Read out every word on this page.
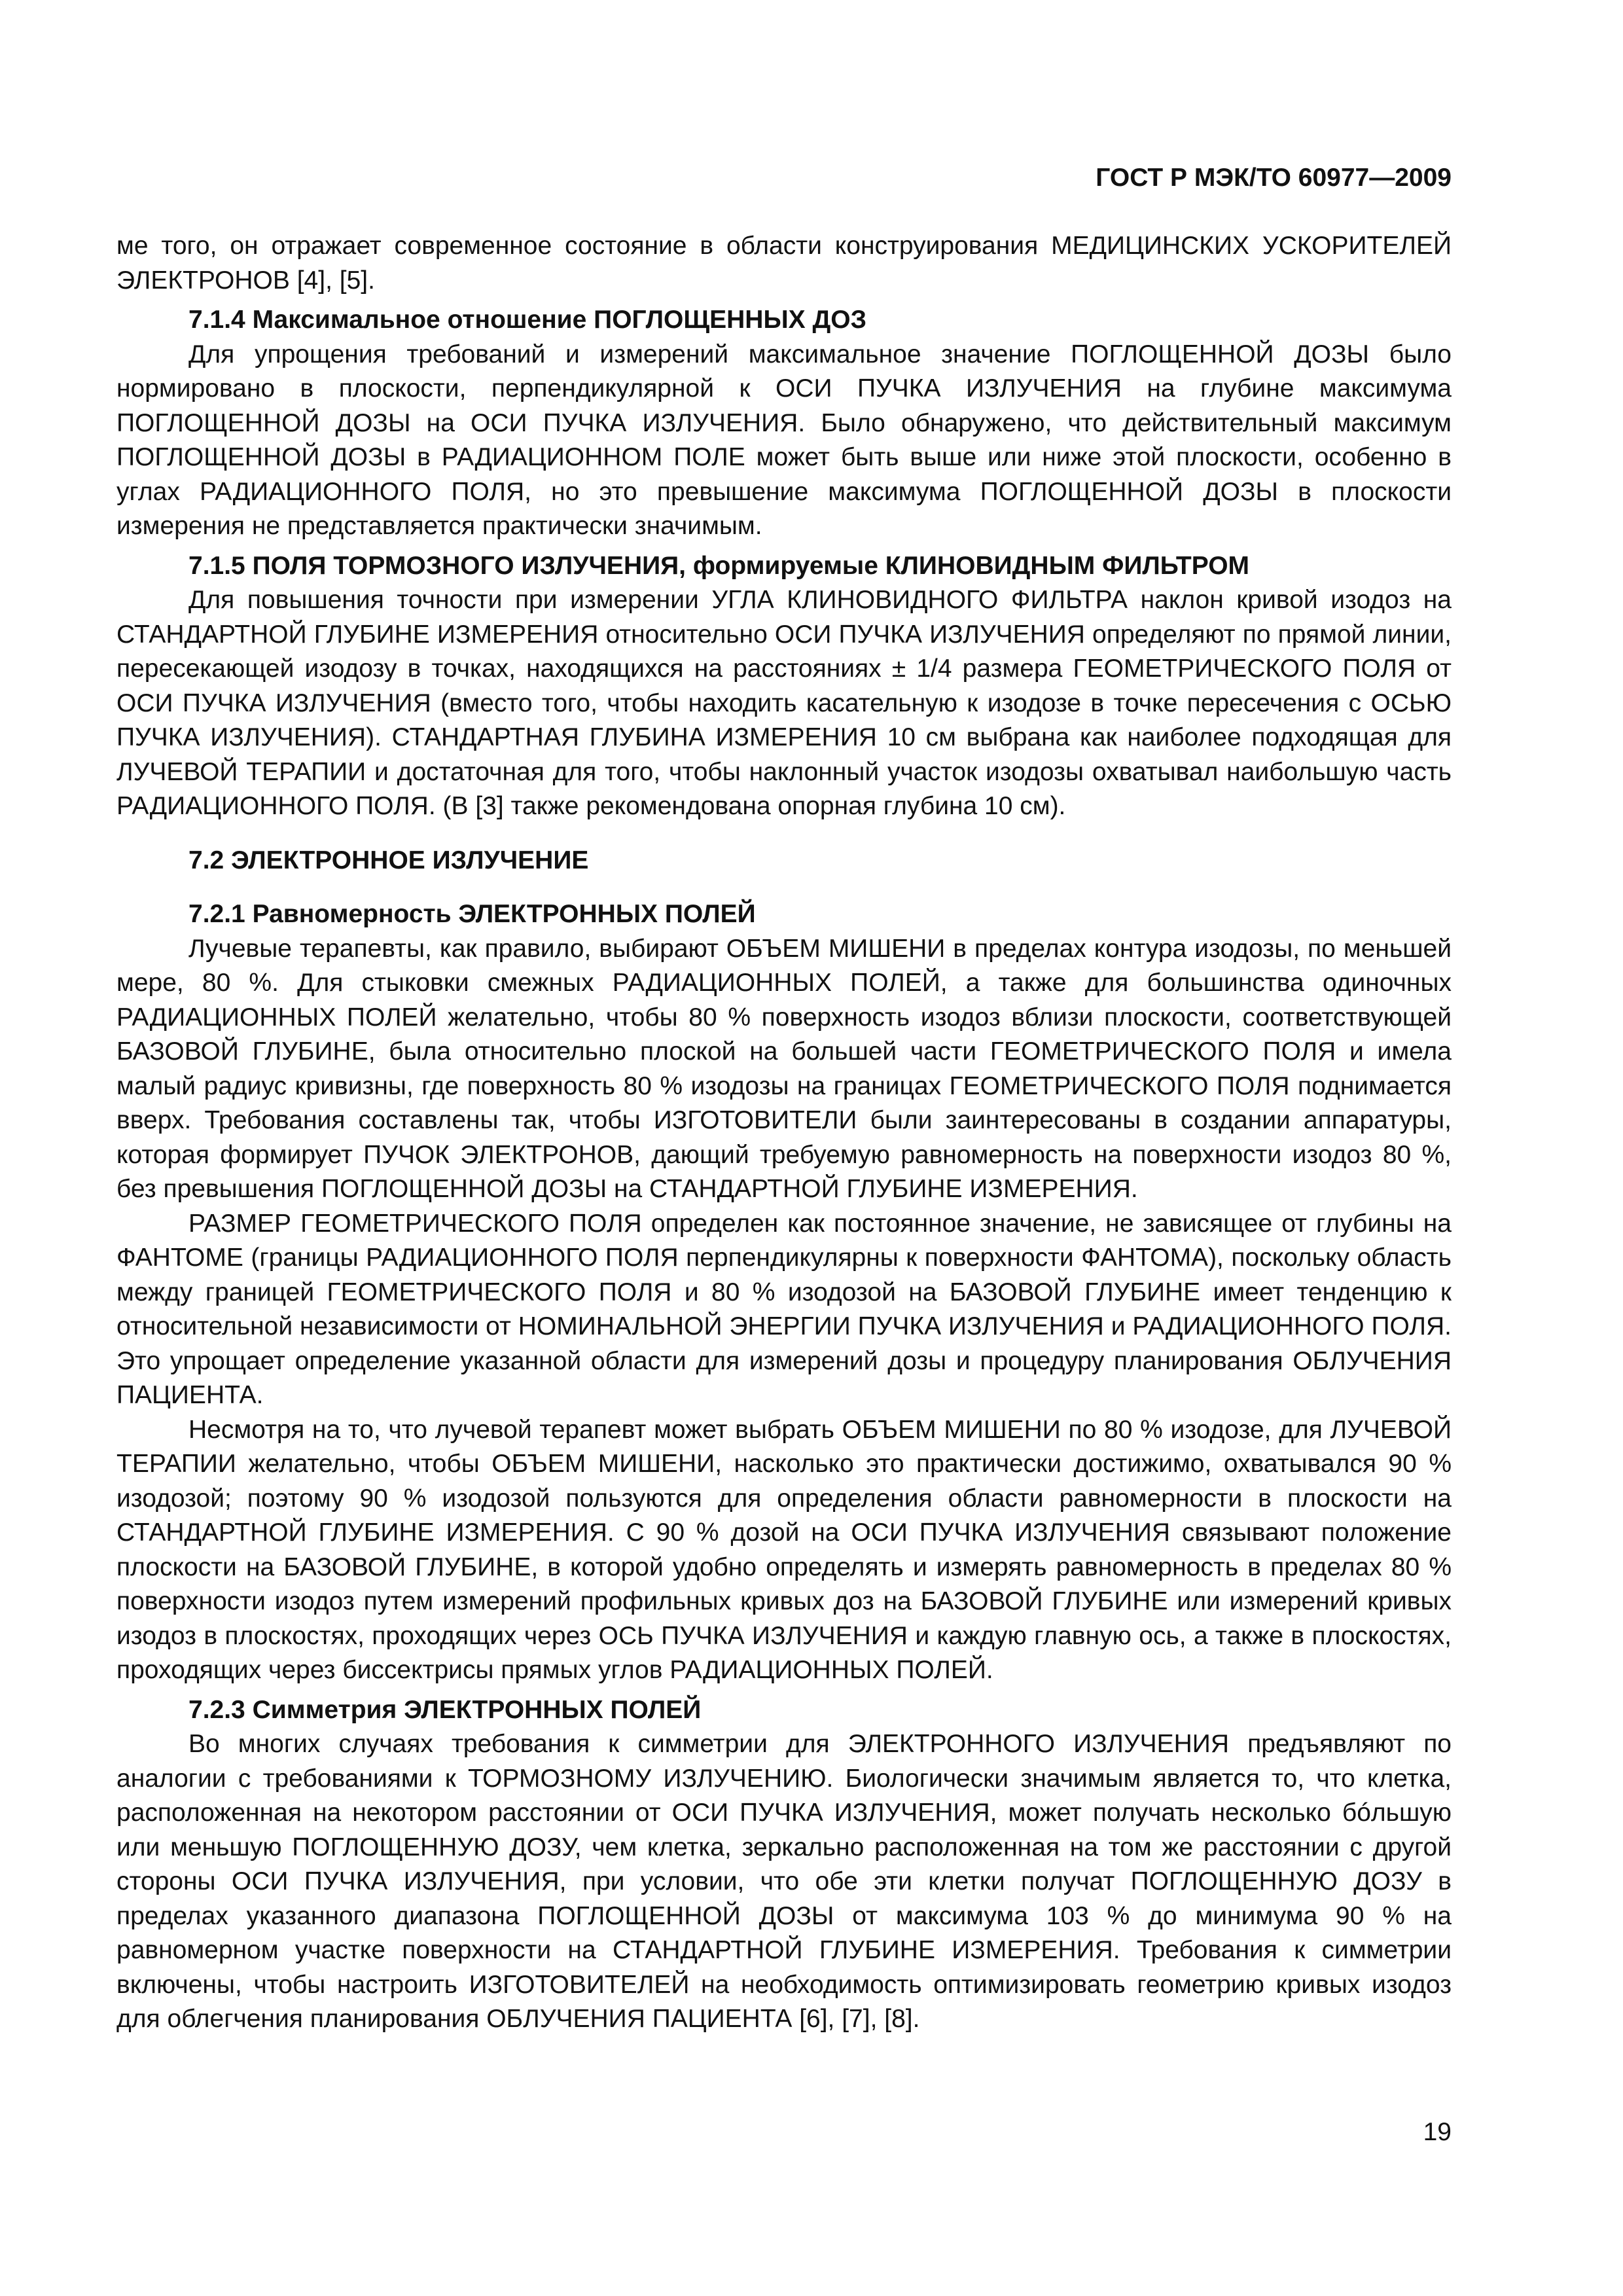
ГОСТ Р МЭК/ТО 60977—2009

ме того, он отражает современное состояние в области конструирования МЕДИЦИНСКИХ УСКОРИТЕЛЕЙ ЭЛЕКТРОНОВ [4], [5].

7.1.4 Максимальное отношение ПОГЛОЩЕННЫХ ДОЗ

Для упрощения требований и измерений максимальное значение ПОГЛОЩЕННОЙ ДОЗЫ было нормировано в плоскости, перпендикулярной к ОСИ ПУЧКА ИЗЛУЧЕНИЯ на глубине максимума ПОГЛОЩЕННОЙ ДОЗЫ на ОСИ ПУЧКА ИЗЛУЧЕНИЯ. Было обнаружено, что действительный максимум ПОГЛОЩЕННОЙ ДОЗЫ в РАДИАЦИОННОМ ПОЛЕ может быть выше или ниже этой плоскости, особенно в углах РАДИАЦИОННОГО ПОЛЯ, но это превышение максимума ПОГЛОЩЕННОЙ ДОЗЫ в плоскости измерения не представляется практически значимым.

7.1.5 ПОЛЯ ТОРМОЗНОГО ИЗЛУЧЕНИЯ, формируемые КЛИНОВИДНЫМ ФИЛЬТРОМ

Для повышения точности при измерении УГЛА КЛИНОВИДНОГО ФИЛЬТРА наклон кривой изодоз на СТАНДАРТНОЙ ГЛУБИНЕ ИЗМЕРЕНИЯ относительно ОСИ ПУЧКА ИЗЛУЧЕНИЯ определяют по прямой линии, пересекающей изодозу в точках, находящихся на расстояниях ± 1/4 размера ГЕОМЕТРИЧЕСКОГО ПОЛЯ от ОСИ ПУЧКА ИЗЛУЧЕНИЯ (вместо того, чтобы находить касательную к изодозе в точке пересечения с ОСЬЮ ПУЧКА ИЗЛУЧЕНИЯ). СТАНДАРТНАЯ ГЛУБИНА ИЗМЕРЕНИЯ 10 см выбрана как наиболее подходящая для ЛУЧЕВОЙ ТЕРАПИИ и достаточная для того, чтобы наклонный участок изодозы охватывал наибольшую часть РАДИАЦИОННОГО ПОЛЯ. (В [3] также рекомендована опорная глубина 10 см).

7.2 ЭЛЕКТРОННОЕ ИЗЛУЧЕНИЕ

7.2.1 Равномерность ЭЛЕКТРОННЫХ ПОЛЕЙ

Лучевые терапевты, как правило, выбирают ОБЪЕМ МИШЕНИ в пределах контура изодозы, по меньшей мере, 80 %. Для стыковки смежных РАДИАЦИОННЫХ ПОЛЕЙ, а также для большинства одиночных РАДИАЦИОННЫХ ПОЛЕЙ желательно, чтобы 80 % поверхность изодоз вблизи плоскости, соответствующей БАЗОВОЙ ГЛУБИНЕ, была относительно плоской на большей части ГЕОМЕТРИЧЕСКОГО ПОЛЯ и имела малый радиус кривизны, где поверхность 80 % изодозы на границах ГЕОМЕТРИЧЕСКОГО ПОЛЯ поднимается вверх. Требования составлены так, чтобы ИЗГОТОВИТЕЛИ были заинтересованы в создании аппаратуры, которая формирует ПУЧОК ЭЛЕКТРОНОВ, дающий требуемую равномерность на поверхности изодоз 80 %, без превышения ПОГЛОЩЕННОЙ ДОЗЫ на СТАНДАРТНОЙ ГЛУБИНЕ ИЗМЕРЕНИЯ.

РАЗМЕР ГЕОМЕТРИЧЕСКОГО ПОЛЯ определен как постоянное значение, не зависящее от глубины на ФАНТОМЕ (границы РАДИАЦИОННОГО ПОЛЯ перпендикулярны к поверхности ФАНТОМА), поскольку область между границей ГЕОМЕТРИЧЕСКОГО ПОЛЯ и 80 % изодозой на БАЗОВОЙ ГЛУБИНЕ имеет тенденцию к относительной независимости от НОМИНАЛЬНОЙ ЭНЕРГИИ ПУЧКА ИЗЛУЧЕНИЯ и РАДИАЦИОННОГО ПОЛЯ. Это упрощает определение указанной области для измерений дозы и процедуру планирования ОБЛУЧЕНИЯ ПАЦИЕНТА.

Несмотря на то, что лучевой терапевт может выбрать ОБЪЕМ МИШЕНИ по 80 % изодозе, для ЛУЧЕВОЙ ТЕРАПИИ желательно, чтобы ОБЪЕМ МИШЕНИ, насколько это практически достижимо, охватывался 90 % изодозой; поэтому 90 % изодозой пользуются для определения области равномерности в плоскости на СТАНДАРТНОЙ ГЛУБИНЕ ИЗМЕРЕНИЯ. С 90 % дозой на ОСИ ПУЧКА ИЗЛУЧЕНИЯ связывают положение плоскости на БАЗОВОЙ ГЛУБИНЕ, в которой удобно определять и измерять равномерность в пределах 80 % поверхности изодоз путем измерений профильных кривых доз на БАЗОВОЙ ГЛУБИНЕ или измерений кривых изодоз в плоскостях, проходящих через ОСЬ ПУЧКА ИЗЛУЧЕНИЯ и каждую главную ось, а также в плоскостях, проходящих через биссектрисы прямых углов РАДИАЦИОННЫХ ПОЛЕЙ.

7.2.3 Симметрия ЭЛЕКТРОННЫХ ПОЛЕЙ

Во многих случаях требования к симметрии для ЭЛЕКТРОННОГО ИЗЛУЧЕНИЯ предъявляют по аналогии с требованиями к ТОРМОЗНОМУ ИЗЛУЧЕНИЮ. Биологически значимым является то, что клетка, расположенная на некотором расстоянии от ОСИ ПУЧКА ИЗЛУЧЕНИЯ, может получать несколько бóльшую или меньшую ПОГЛОЩЕННУЮ ДОЗУ, чем клетка, зеркально расположенная на том же расстоянии с другой стороны ОСИ ПУЧКА ИЗЛУЧЕНИЯ, при условии, что обе эти клетки получат ПОГЛОЩЕННУЮ ДОЗУ в пределах указанного диапазона ПОГЛОЩЕННОЙ ДОЗЫ от максимума 103 % до минимума 90 % на равномерном участке поверхности на СТАНДАРТНОЙ ГЛУБИНЕ ИЗМЕРЕНИЯ. Требования к симметрии включены, чтобы настроить ИЗГОТОВИТЕЛЕЙ на необходимость оптимизировать геометрию кривых изодоз для облегчения планирования ОБЛУЧЕНИЯ ПАЦИЕНТА [6], [7], [8].

19
